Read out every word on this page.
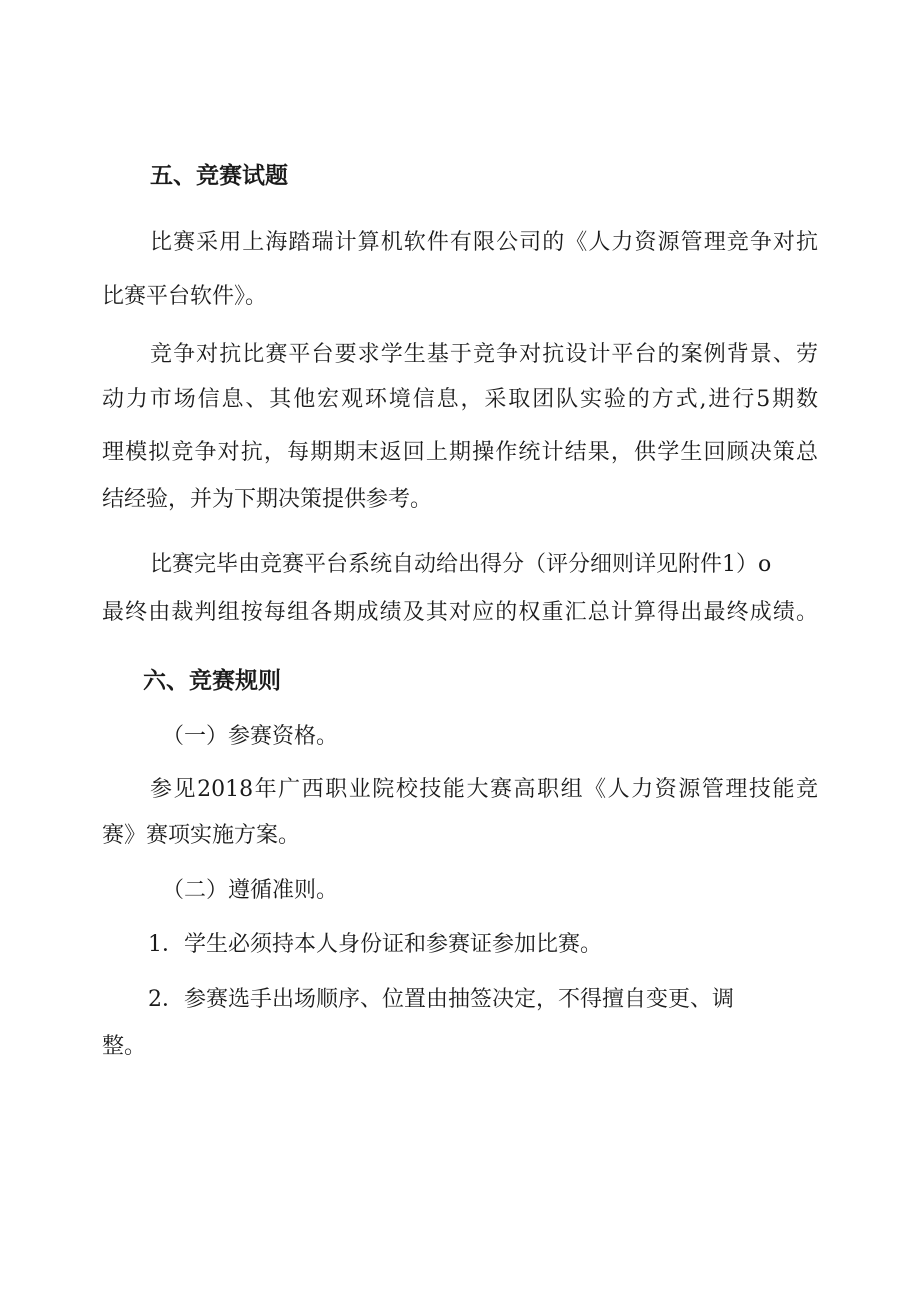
五、竞赛试题
比赛采用上海踏瑞计算机软件有限公司的《人力资源管理竞争对抗
比赛平台软件》。
竞争对抗比赛平台要求学生基于竞争对抗设计平台的案例背景、劳
动力市场信息、其他宏观环境信息，采取团队实验的方式,进行5期数
理模拟竞争对抗，每期期末返回上期操作统计结果，供学生回顾决策总
结经验，并为下期决策提供参考。
比赛完毕由竞赛平台系统自动给出得分（评分细则详见附件1）o
最终由裁判组按每组各期成绩及其对应的权重汇总计算得出最终成绩。
六、竞赛规则
（一）参赛资格。
参见2018年广西职业院校技能大赛高职组《人力资源管理技能竞
赛》赛项实施方案。
（二）遵循准则。
1．学生必须持本人身份证和参赛证参加比赛。
2．参赛选手出场顺序、位置由抽签决定，不得擅自变更、调
整。
